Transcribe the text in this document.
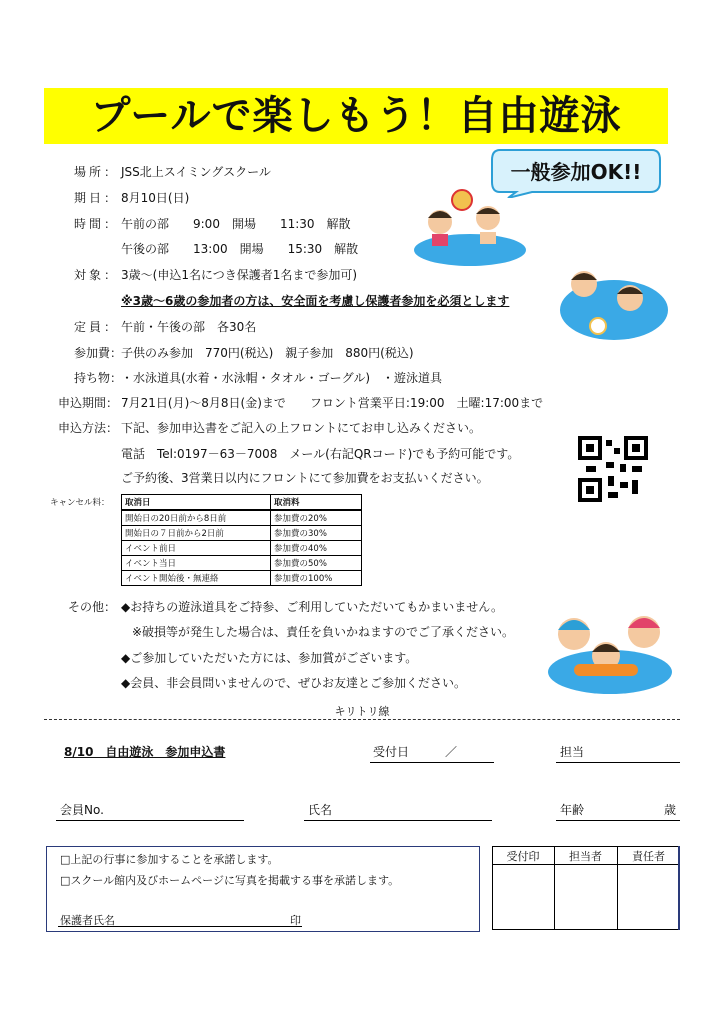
プールで楽しもう！自由遊泳
一般参加OK!!
場所： JSS北上スイミングスクール
期日： 8月10日(日)
時間： 午前の部　　9:00　開場　　11:30　解散
午後の部　　13:00　開場　　15:30　解散
対象： 3歳～(申込1名につき保護者1名まで参加可)
※3歳～6歳の参加者の方は、安全面を考慮し保護者参加を必須とします
定員： 午前・午後の部　各30名
参加費：
子供のみ参加　770円(税込)　親子参加　880円(税込)
持ち物：
・水泳道具(水着・水泳帽・タオル・ゴーグル)　・遊泳道具
申込期間： 7月21日(月)～8月8日(金)まで　　フロント営業平日:19:00　土曜:17:00まで
申込方法： 下記、参加申込書をご記入の上フロントにてお申し込みください。
電話　Tel:0197－63－7008　メール(右記QRコード)でも予約可能です。
ご予約後、3営業日以内にフロントにて参加費をお支払いください。
キャンセル料： 取消日	取消料
開始日の20日前から8日前	参加費の20%
開始日の７日前から2日前	参加費の30%
イベント前日	参加費の40%
イベント当日	参加費の50%
イベント開始後・無連絡	参加費の100%
その他： ◆お持ちの遊泳道具をご持参、ご利用していただいてもかまいません。
※破損等が発生した場合は、責任を負いかねますのでご了承ください。
◆ご参加していただいた方には、参加賞がございます。
◆会員、非会員問いませんので、ぜひお友達とご参加ください。
キリトリ線
8/10　自由遊泳　参加申込書	受付日　　　／	担当
会員No.	氏名	年齢	歳
□上記の行事に参加することを承諾します。
□スクール館内及びホームページに写真を掲載する事を承諾します。
保護者氏名	印
受付印	担当者	責任者
